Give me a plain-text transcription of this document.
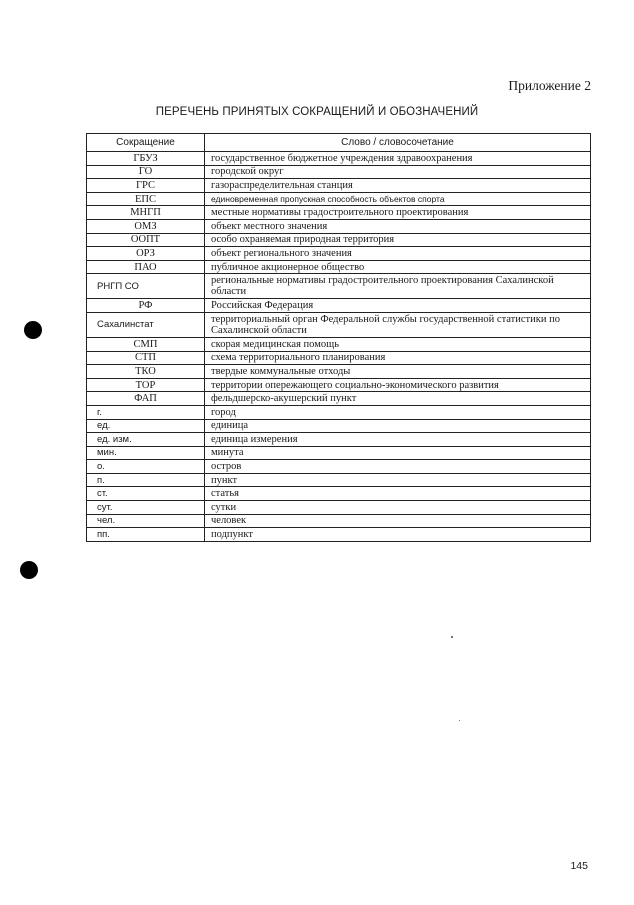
Приложение 2
ПЕРЕЧЕНЬ ПРИНЯТЫХ СОКРАЩЕНИЙ И ОБОЗНАЧЕНИЙ
Сокращение	Слово / словосочетание
ГБУЗ	государственное бюджетное учреждения здравоохранения
ГО	городской округ
ГРС	газораспределительная станция
ЕПС	единовременная пропускная способность объектов спорта
МНГП	местные нормативы градостроительного проектирования
ОМЗ	объект местного значения
ООПТ	особо охраняемая природная территория
ОРЗ	объект регионального значения
ПАО	публичное акционерное общество
РНГП СО	региональные нормативы градостроительного проектирования Сахалинской области
РФ	Российская Федерация
Сахалинстат	территориальный орган Федеральной службы государственной статистики по Сахалинской области
СМП	скорая медицинская помощь
СТП	схема территориального планирования
ТКО	твердые коммунальные отходы
ТОР	территории опережающего социально-экономического развития
ФАП	фельдшерско-акушерский пункт
г.	город
ед.	единица
ед. изм.	единица измерения
мин.	минута
о.	остров
п.	пункт
ст.	статья
сут.	сутки
чел.	человек
пп.	подпункт
145
